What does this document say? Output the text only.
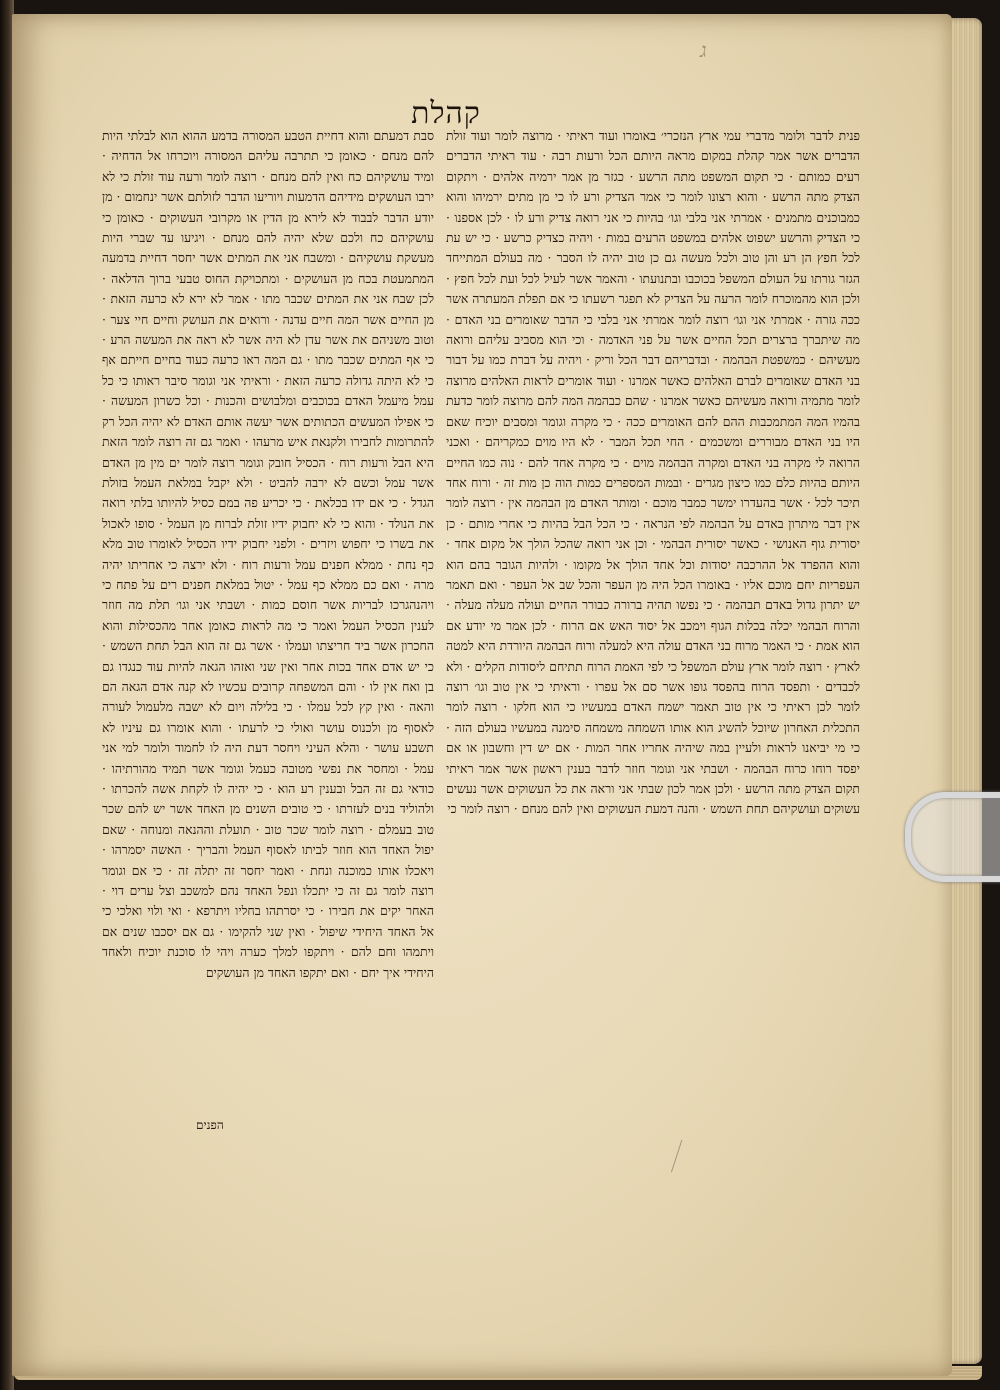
ג
קהלת

פנית לדבר ולומר מדברי עמי ארץ הנזכרי׳ באומרו ועוד ראיתי · מרוצה לומר ועוד זולת הדברים אשר אמר קהלת במקום מראה היותם הכל ורעות רבה · עוד ראיתי הדברים רעים כמותם · כי תקום המשפט מתה הרשע · כגזר מן אמר ירמיה אלהים · ויתקום הצדק מתה הרשע · והוא רצונו לומר כי אמר הצדיק ורע לו כי מן מתים ירמיהו והוא כמבוכנים מתמנים · אמרתי אני בלבי וגו׳ בהיות כי אני רואה צדיק ורע לו · לכן אספנו · כי הצדיק והרשע ישפוט אלהים במשפט הרעים במות · ויהיה כצדיק כרשע · כי יש עת לכל חפץ הן רע והן טוב ולכל מעשה גם כן טוב יהיה לו הסבר · מה בעולם המתייחד הגזר גורתו על העולם המשפל בכוכבו ובתנועתו · והאמר אשר לעיל לכל ועת לכל חפץ · ולכן הוא מהמוכרח לומר הרעה על הצדיק לא תפגר רשעתו כי אם תפלת המעתרה אשר ככה גזרה · אמרתי אני וגו׳ רוצה לומר אמרתי אני בלבי כי הדבר שאומרים בני האדם · מה שיתברך ברצרים תכל החיים אשר על פני האדמה · וכי הוא מסביב עליהם ורואה מעשיהם · כמשפטת הבהמה · ובדבריהם דבר הכל וריק · ויהיה על דברת כמו על דבור בני האדם שאומרים לברם האלהים כאשר אמרנו · ועוד אומרים לראות האלהים מרוצה לומר מתמיה ורואה מעשיהם כאשר אמרנו · שהם כבהמה המה להם מרוצה לומר כדעת בהמיו המה המתמכבות ההם להם האומרים ככה · כי מקרה וגומר ומסבים יוכיח שאם היו בני האדם מבוררים ומשכמים · החי תכל המבר · לא היו מוים כמקריהם · ואכני הרואה לי מקרה בני האדם ומקרה הבהמה מוים · כי מקרה אחד להם · נוה כמו החיים היותם בהיות כלם כמו כיצון מגרים · ובמות המספרים כמות הוה כן מות זה · ורוח אחד תיכר לכל · אשר בהעדרו ימשר כמבר מוכם · ומותר האדם מן הבהמה אין · רוצה לומר אין דבר מיתרון באדם על הבהמה לפי הנראה · כי הכל הבל בהיות כי אחרי מותם · כן יסורית גוף האנושי · כאשר יסורית הבהמי · וכן אני רואה שהכל הולך אל מקום אחד · והוא ההפרד אל ההרכבה יסודות וכל אחד הולך אל מקומו · ולהיות הגובר בהם הוא העפריות יחם מוכם אליו · באומרו הכל היה מן העפר והכל שב אל העפר · ואם תאמר יש יתרון גדול באדם תבהמה · כי נפשו תהיה ברורה כבורר החיים ועולה מעלה מעלה · והרוח הבהמי יכלה בכלות הגוף וימכב אל יסוד האש אם הרוח · לכן אמר מי יודע אם הוא אמת · כי האמר מרוח בני האדם עולה היא למעלה ורוח הבהמה היורדת היא למטה לארץ · רוצה לומר ארץ עולם המשפל כי לפי האמת הרוח תתיחם ליסודות הקלים · ולא לכבדים · ותפסד הרוח בהפסד גופו אשר סם אל עפרו · וראיתי כי אין טוב וגו׳ רוצה לומר לכן ראיתי כי אין טוב תאמר ישמח האדם במעשיו כי הוא חלקו · רוצה לומר התכלית האחרון שיוכל להשיג הוא אותו השמחה משמחה סימנה במעשיו בעולם הזה · כי מי יביאנו לראות ולעיין במה שיהיה אחריו אחר המות · אם יש דין וחשבון או אם יפסד רוחו כרוח הבהמה · ושבתי אני וגומר חוזר לדבר בענין ראשון אשר אמר ראיתי תקום הצדק מתה הרשע · ולכן אמר לכון שבתי אני וראה את כל העשוקים אשר נעשים עשוקים ועושקיהם תחת השמש · והנה דמעת העשוקים ואין להם מנחם · רוצה לומר כי

סבת דמעתם והוא דחיית הטבע המסורה בדמע ההוא הוא לבלתי היות להם מנחם · כאומן כי תתרבה עליהם המסורה ויוכרחו אל הדחיה · ומיד עושקיהם כח ואין להם מנחם · רוצה לומר ורעה עוד זולת כי לא ירבו העושקים מידיהם הדמעות ויוריעו הדבר לזולתם אשר ינחמום · מן יודע הדבר לבבוד לא לירא מן הדין או מקרובי העשוקים · כאומן כי עושקיהם כח ולכם שלא יהיה להם מנחם · ויגיעו עד שברי היות מעשקת עושקיהם · ומשבח אני את המתים אשר יחסר דחיית בדמעה המתמעטת בכח מן העושקים · ומתכויקת החוס טבעי ברוך הדלאה · לכן שבח אני את המתים שכבר מתו · אמר לא ירא לא כרעה הזאת · מן החיים אשר המה חיים עדנה · ורואים את העושק וחיים חיי צער · וטוב משניהם את אשר עדן לא היה אשר לא ראה את המעשה הרע · כי אף המתים שכבר מתו · גם המה ראו כרעה כעוד בחיים חייתם אף כי לא היתה גדולה כרעה הזאת · וראיתי אני וגומר סיבר ראותו כי כל עמל מיעמל האדם בכוכבים ומלבושים והכנות · וכל כשרון המעשה · כי אפילו המעשים הכתותים אשר יעשה אותם האדם לא יהיה הכל רק להתרומות לחבירו ולקנאת איש מרעהו · ואמר גם זה רוצה לומר הזאת היא הבל ורעות רוח · הכסיל חובק וגומר רוצה לומר ים מין מן האדם אשר עמל וכשם לא ירבה להביט · ולא יקבל במלאת העמל בזולת הגדל · כי אם ידו בכלאת · כי יכריע פה במם כסיל להיותו בלתי רואה את הנולד · והוא כי לא יחבוק ידיו זולת לברוח מן העמל · סופו לאכול את בשרו כי יחפוש ויזרים · ולפני יחבוק ידיו הכסיל לאומרו טוב מלא כף נחת · ממלא חפנים עמל ורעות רוח · ולא ירצה כי אחריתו יהיה מרה · ואם כם ממלא כף עמל · יטול במלאת חפנים רים על פתח כי ויהנהגרכו לבריות אשר חוסם כמות · ושבתי אני וגו׳ תלת מה חוזר לענין הכסיל העמל ואמר כי מה לראות כאומן אחר מהכסילות והוא החכרון אשר ביד חריצתו ועמלו · אשר גם זה הוא הבל תחת השמש · כי יש אדם אחד בכות אחר ואין שני ואזהו הגאה להיות עוד כנגדו גם בן ואח אין לו · והם המשפחה קרובים עכשיו לא קנה אדם הגאה הם והאה · ואין קץ לכל עמלו · כי בלילה ויום לא ישבה מלעמול לעורה לאסוף מן ולכנוס עושר ואולי כי לרעתו · והוא אומרו גם עיניו לא תשבע עושר · והלא העיני ויחסר דעת היה לו לחמוד ולומר למי אני עמל · ומחסר את נפשי מטובה כעמל וגומר אשר תמיד מהורתיהו · כודאי גם זה הבל ובענין רע הוא · כי יהיה לו לקחת אשה להכרתו · ולהוליד בנים לעזרתו · כי טובים השנים מן האחד אשר יש להם שכר טוב בעמלם · רוצה לומר שכר טוב · תועלת וההנאה ומנוחה · שאם יפול האחד הוא חוזר לביתו לאסוף העמל והבריך · האשה יסמרהו · ויאכלו אותו כמוכנה ונחת · ואמר יחסר זה יתלה זה · כי אם וגומר רוצה לומר גם זה כי יתכלו ונפל האחד נהם למשכב וצל ערים דוי · האחר יקים את חבירו · כי יסרתהו בחליו ויתרפא · ואי ולוי ואלכי כי אל האחד היחידי שיפול · ואין שני להקימו · גם אם יסכבו שנים אם ויתמהו וחם להם · ויתקפו למלך כערה ויהי לו סוכנת יוכיח ולאחד היחידי איך יחם · ואם יתקפו האחד מן העושקים

הפנים
